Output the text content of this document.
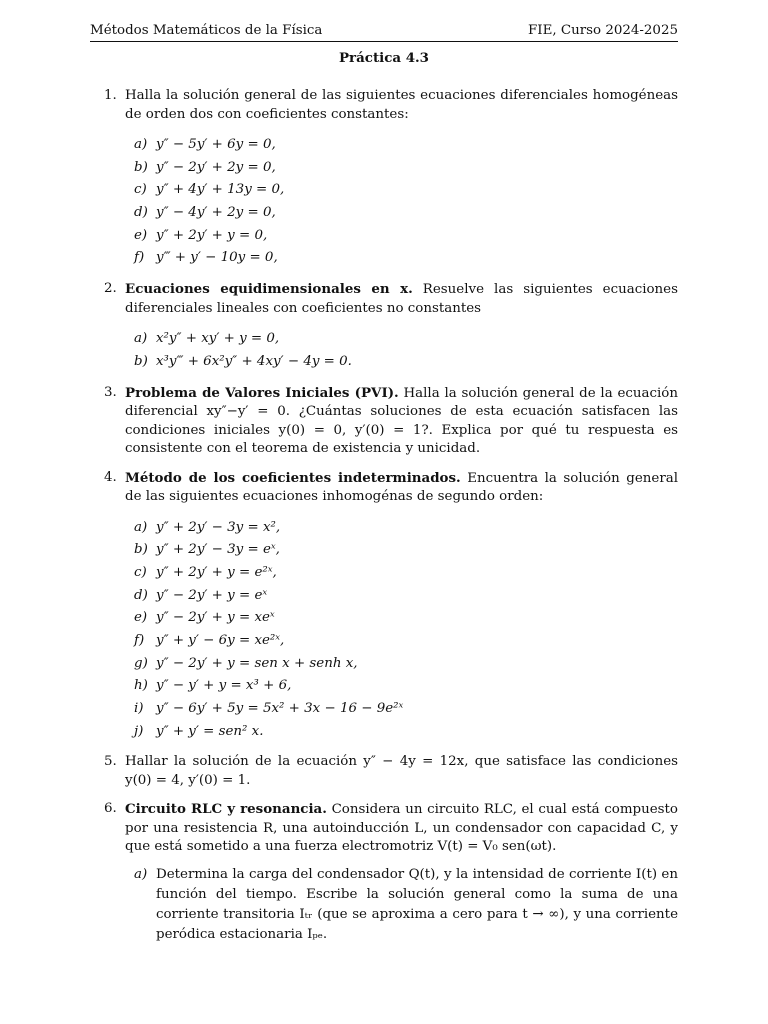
Métodos Matemáticos de la Física	FIE, Curso 2024-2025
Práctica 4.3
1. Halla la solución general de las siguientes ecuaciones diferenciales homogéneas de orden dos con coeficientes constantes:
a) y″ − 5y′ + 6y = 0,
b) y″ − 2y′ + 2y = 0,
c) y″ + 4y′ + 13y = 0,
d) y″ − 4y′ + 2y = 0,
e) y″ + 2y′ + y = 0,
f) y‴ + y′ − 10y = 0,
2. Ecuaciones equidimensionales en x. Resuelve las siguientes ecuaciones diferenciales lineales con coeficientes no constantes
a) x²y″ + xy′ + y = 0,
b) x³y‴ + 6x²y″ + 4xy′ − 4y = 0.
3. Problema de Valores Iniciales (PVI). Halla la solución general de la ecuación diferencial xy″−y′ = 0. ¿Cuántas soluciones de esta ecuación satisfacen las condiciones iniciales y(0) = 0, y′(0) = 1?. Explica por qué tu respuesta es consistente con el teorema de existencia y unicidad.
4. Método de los coeficientes indeterminados. Encuentra la solución general de las siguientes ecuaciones inhomogénas de segundo orden:
a) y″ + 2y′ − 3y = x²,
b) y″ + 2y′ − 3y = eˣ,
c) y″ + 2y′ + y = e²ˣ,
d) y″ − 2y′ + y = eˣ
e) y″ − 2y′ + y = xeˣ
f) y″ + y′ − 6y = xe²ˣ,
g) y″ − 2y′ + y = sen x + senh x,
h) y″ − y′ + y = x³ + 6,
i) y″ − 6y′ + 5y = 5x² + 3x − 16 − 9e²ˣ
j) y″ + y′ = sen² x.
5. Hallar la solución de la ecuación y″ − 4y = 12x, que satisface las condiciones y(0) = 4, y′(0) = 1.
6. Circuito RLC y resonancia. Considera un circuito RLC, el cual está compuesto por una resistencia R, una autoinducción L, un condensador con capacidad C, y que está sometido a una fuerza electromotriz V(t) = V₀ sen(ωt).
a) Determina la carga del condensador Q(t), y la intensidad de corriente I(t) en función del tiempo. Escribe la solución general como la suma de una corriente transitoria Iₜᵣ (que se aproxima a cero para t → ∞), y una corriente peródica estacionaria Iₚₑ.
